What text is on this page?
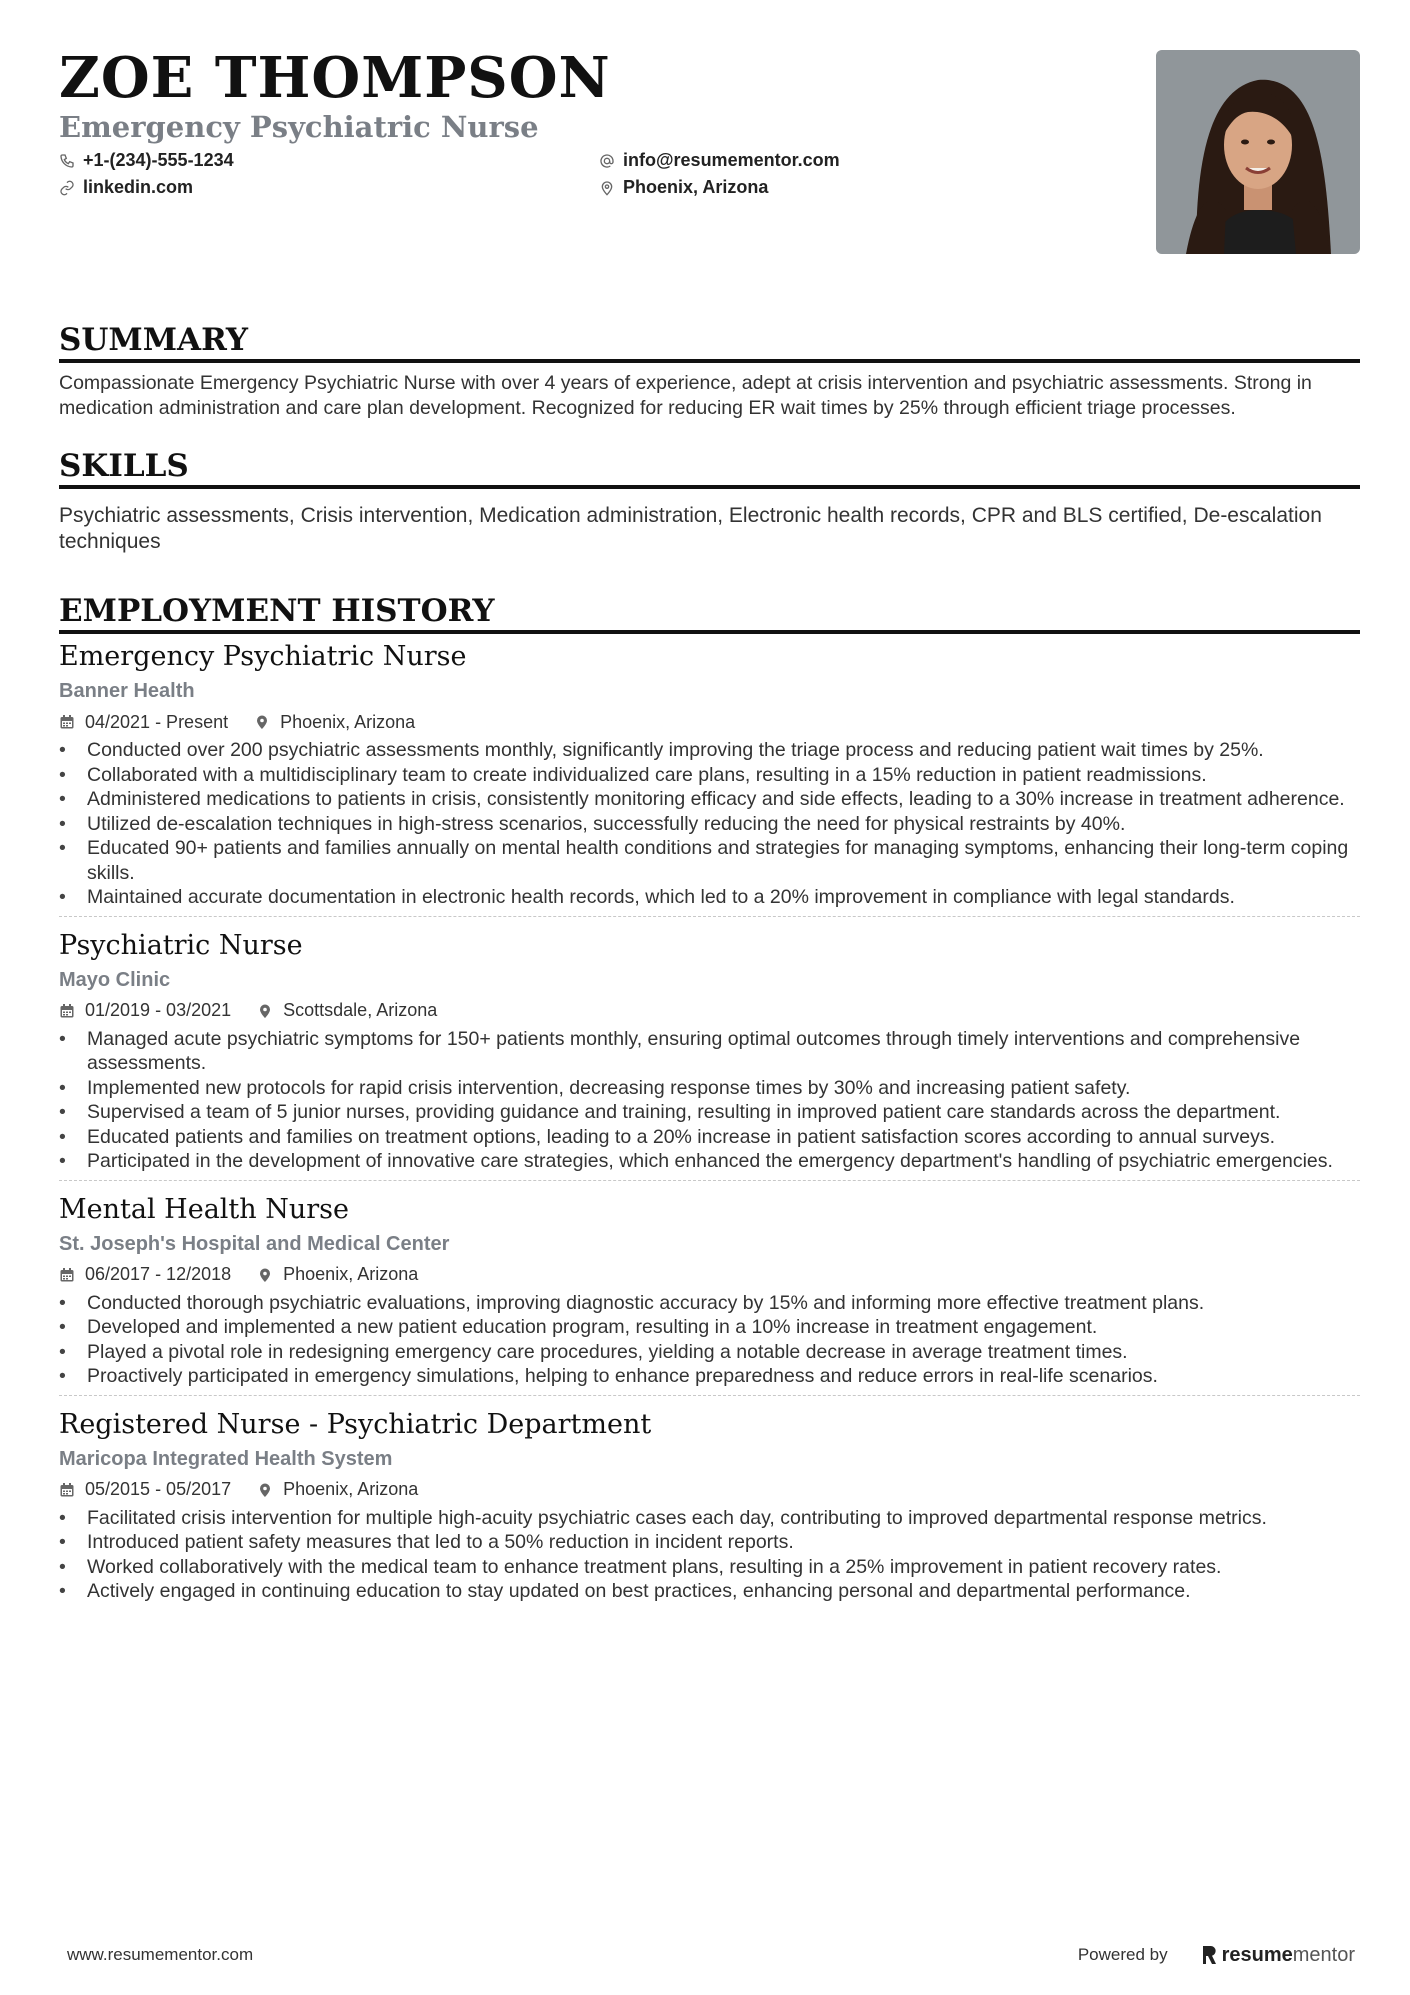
ZOE THOMPSON
Emergency Psychiatric Nurse
+1-(234)-555-1234	info@resumementor.com
linkedin.com	Phoenix, Arizona
SUMMARY
Compassionate Emergency Psychiatric Nurse with over 4 years of experience, adept at crisis intervention and psychiatric assessments. Strong in medication administration and care plan development. Recognized for reducing ER wait times by 25% through efficient triage processes.
SKILLS
Psychiatric assessments, Crisis intervention, Medication administration, Electronic health records, CPR and BLS certified, De-escalation techniques
EMPLOYMENT HISTORY
Emergency Psychiatric Nurse
Banner Health
04/2021 - Present	Phoenix, Arizona
• Conducted over 200 psychiatric assessments monthly, significantly improving the triage process and reducing patient wait times by 25%.
• Collaborated with a multidisciplinary team to create individualized care plans, resulting in a 15% reduction in patient readmissions.
• Administered medications to patients in crisis, consistently monitoring efficacy and side effects, leading to a 30% increase in treatment adherence.
• Utilized de-escalation techniques in high-stress scenarios, successfully reducing the need for physical restraints by 40%.
• Educated 90+ patients and families annually on mental health conditions and strategies for managing symptoms, enhancing their long-term coping skills.
• Maintained accurate documentation in electronic health records, which led to a 20% improvement in compliance with legal standards.
Psychiatric Nurse
Mayo Clinic
01/2019 - 03/2021	Scottsdale, Arizona
• Managed acute psychiatric symptoms for 150+ patients monthly, ensuring optimal outcomes through timely interventions and comprehensive assessments.
• Implemented new protocols for rapid crisis intervention, decreasing response times by 30% and increasing patient safety.
• Supervised a team of 5 junior nurses, providing guidance and training, resulting in improved patient care standards across the department.
• Educated patients and families on treatment options, leading to a 20% increase in patient satisfaction scores according to annual surveys.
• Participated in the development of innovative care strategies, which enhanced the emergency department's handling of psychiatric emergencies.
Mental Health Nurse
St. Joseph's Hospital and Medical Center
06/2017 - 12/2018	Phoenix, Arizona
• Conducted thorough psychiatric evaluations, improving diagnostic accuracy by 15% and informing more effective treatment plans.
• Developed and implemented a new patient education program, resulting in a 10% increase in treatment engagement.
• Played a pivotal role in redesigning emergency care procedures, yielding a notable decrease in average treatment times.
• Proactively participated in emergency simulations, helping to enhance preparedness and reduce errors in real-life scenarios.
Registered Nurse - Psychiatric Department
Maricopa Integrated Health System
05/2015 - 05/2017	Phoenix, Arizona
• Facilitated crisis intervention for multiple high-acuity psychiatric cases each day, contributing to improved departmental response metrics.
• Introduced patient safety measures that led to a 50% reduction in incident reports.
• Worked collaboratively with the medical team to enhance treatment plans, resulting in a 25% improvement in patient recovery rates.
• Actively engaged in continuing education to stay updated on best practices, enhancing personal and departmental performance.
www.resumementor.com	Powered by	resume mentor
